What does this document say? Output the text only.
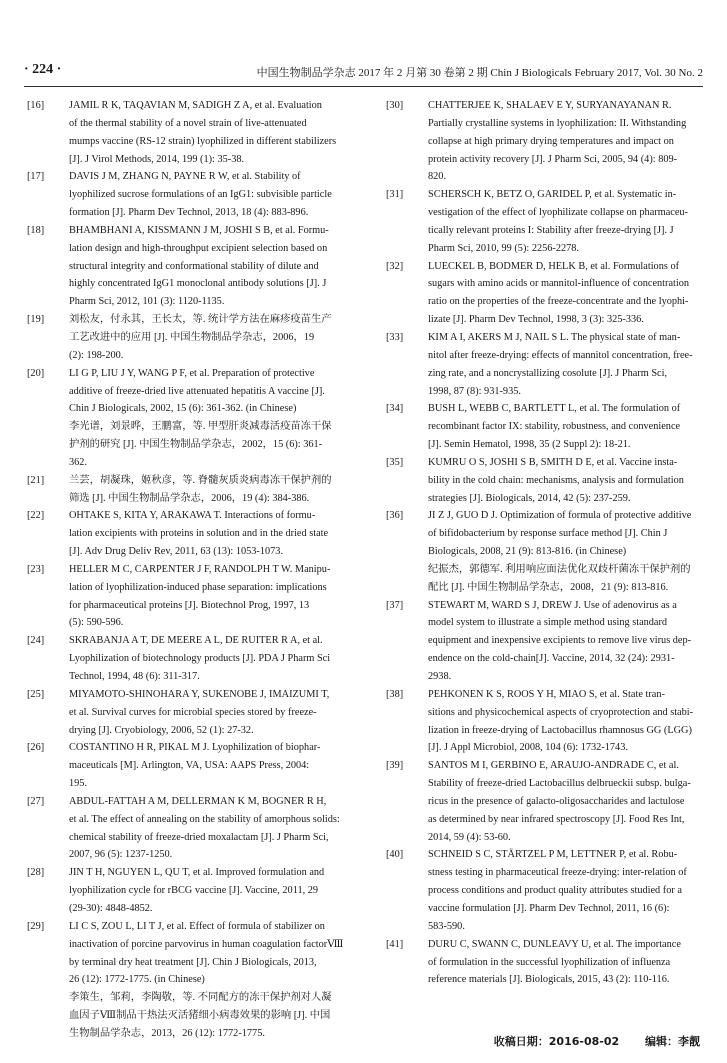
· 224 ·	中国生物制品学杂志 2017 年 2 月第 30 卷第 2 期 Chin J Biologicals February 2017, Vol. 30 No. 2
[16]	JAMIL R K, TAQAVIAN M, SADIGH Z A, et al. Evaluation
of the thermal stability of a novel strain of live-attenuated
mumps vaccine (RS-12 strain) lyophilized in different stabilizers
[J]. J Virol Methods, 2014, 199 (1): 35-38.
[17]	DAVIS J M, ZHANG N, PAYNE R W, et al. Stability of
lyophilized sucrose formulations of an IgG1: subvisible particle
formation [J]. Pharm Dev Technol, 2013, 18 (4): 883-896.
[18]	BHAMBHANI A, KISSMANN J M, JOSHI S B, et al. Formu-
lation design and high-throughput excipient selection based on
structural integrity and conformational stability of dilute and
highly concentrated IgG1 monoclonal antibody solutions [J]. J
Pharm Sci, 2012, 101 (3): 1120-1135.
[19]	刘松友，付永其，王长太，等. 统计学方法在麻疹疫苗生产
工艺改进中的应用 [J]. 中国生物制品学杂志，2006，19
(2): 198-200.
[20]	LI G P, LIU J Y, WANG P F, et al. Preparation of protective
additive of freeze-dried live attenuated hepatitis A vaccine [J].
Chin J Biologicals, 2002, 15 (6): 361-362. (in Chinese)
李光谱，刘景晔，王鹏富，等. 甲型肝炎减毒活疫苗冻干保
护剂的研究 [J]. 中国生物制品学杂志，2002，15 (6): 361-
362.
[21]	兰芸，胡凝珠，姬秋彦，等. 脊髓灰质炎病毒冻干保护剂的
筛选 [J]. 中国生物制品学杂志，2006，19 (4): 384-386.
[22]	OHTAKE S, KITA Y, ARAKAWA T. Interactions of formu-
lation excipients with proteins in solution and in the dried state
[J]. Adv Drug Deliv Rev, 2011, 63 (13): 1053-1073.
[23]	HELLER M C, CARPENTER J F, RANDOLPH T W. Manipu-
lation of lyophilization-induced phase separation: implications
for pharmaceutical proteins [J]. Biotechnol Prog, 1997, 13
(5): 590-596.
[24]	SKRABANJA A T, DE MEERE A L, DE RUITER R A, et al.
Lyophilization of biotechnology products [J]. PDA J Pharm Sci
Technol, 1994, 48 (6): 311-317.
[25]	MIYAMOTO-SHINOHARA Y, SUKENOBE J, IMAIZUMI T,
et al. Survival curves for microbial species stored by freeze-
drying [J]. Cryobiology, 2006, 52 (1): 27-32.
[26]	COSTANTINO H R, PIKAL M J. Lyophilization of biophar-
maceuticals [M]. Arlington, VA, USA: AAPS Press, 2004:
195.
[27]	ABDUL-FATTAH A M, DELLERMAN K M, BOGNER R H,
et al. The effect of annealing on the stability of amorphous solids:
chemical stability of freeze-dried moxalactam [J]. J Pharm Sci,
2007, 96 (5): 1237-1250.
[28]	JIN T H, NGUYEN L, QU T, et al. Improved formulation and
lyophilization cycle for rBCG vaccine [J]. Vaccine, 2011, 29
(29-30): 4848-4852.
[29]	LI C S, ZOU L, LI T J, et al. Effect of formula of stabilizer on
inactivation of porcine parvovirus in human coagulation factorⅧ
by terminal dry heat treatment [J]. Chin J Biologicals, 2013,
26 (12): 1772-1775. (in Chinese)
李策生，邹莉，李陶敬，等. 不同配方的冻干保护剂对人凝
血因子Ⅷ制品干热法灭活猪细小病毒效果的影响 [J]. 中国
生物制品学杂志，2013，26 (12): 1772-1775.
[30]	CHATTERJEE K, SHALAEV E Y, SURYANAYANAN R.
Partially crystalline systems in lyophilization: II. Withstanding
collapse at high primary drying temperatures and impact on
protein activity recovery [J]. J Pharm Sci, 2005, 94 (4): 809-
820.
[31]	SCHERSCH K, BETZ O, GARIDEL P, et al. Systematic in-
vestigation of the effect of lyophilizate collapse on pharmaceu-
tically relevant proteins I: Stability after freeze-drying [J]. J
Pharm Sci, 2010, 99 (5): 2256-2278.
[32]	LUECKEL B, BODMER D, HELK B, et al. Formulations of
sugars with amino acids or mannitol-influence of concentration
ratio on the properties of the freeze-concentrate and the lyophi-
lizate [J]. Pharm Dev Technol, 1998, 3 (3): 325-336.
[33]	KIM A I, AKERS M J, NAIL S L. The physical state of man-
nitol after freeze-drying: effects of mannitol concentration, free-
zing rate, and a noncrystallizing cosolute [J]. J Pharm Sci,
1998, 87 (8): 931-935.
[34]	BUSH L, WEBB C, BARTLETT L, et al. The formulation of
recombinant factor IX: stability, robustness, and convenience
[J]. Semin Hematol, 1998, 35 (2 Suppl 2): 18-21.
[35]	KUMRU O S, JOSHI S B, SMITH D E, et al. Vaccine insta-
bility in the cold chain: mechanisms, analysis and formulation
strategies [J]. Biologicals, 2014, 42 (5): 237-259.
[36]	JI Z J, GUO D J. Optimization of formula of protective additive
of bifidobacterium by response surface method [J]. Chin J
Biologicals, 2008, 21 (9): 813-816. (in Chinese)
纪振杰，郭德军. 利用响应面法优化双歧杆菌冻干保护剂的
配比 [J]. 中国生物制品学杂志，2008，21 (9): 813-816.
[37]	STEWART M, WARD S J, DREW J. Use of adenovirus as a
model system to illustrate a simple method using standard
equipment and inexpensive excipients to remove live virus dep-
endence on the cold-chain[J]. Vaccine, 2014, 32 (24): 2931-
2938.
[38]	PEHKONEN K S, ROOS Y H, MIAO S, et al. State tran-
sitions and physicochemical aspects of cryoprotection and stabi-
lization in freeze-drying of Lactobacillus rhamnosus GG (LGG)
[J]. J Appl Microbiol, 2008, 104 (6): 1732-1743.
[39]	SANTOS M I, GERBINO E, ARAUJO-ANDRADE C, et al.
Stability of freeze-dried Lactobacillus delbrueckii subsp. bulga-
ricus in the presence of galacto-oligosaccharides and lactulose
as determined by near infrared spectroscopy [J]. Food Res Int,
2014, 59 (4): 53-60.
[40]	SCHNEID S C, STÄRTZEL P M, LETTNER P, et al. Robu-
stness testing in pharmaceutical freeze-drying: inter-relation of
process conditions and product quality attributes studied for a
vaccine formulation [J]. Pharm Dev Technol, 2011, 16 (6):
583-590.
[41]	DURU C, SWANN C, DUNLEAVY U, et al. The importance
of formulation in the successful lyophilization of influenza
reference materials [J]. Biologicals, 2015, 43 (2): 110-116.
收稿日期：2016-08-02 编辑：李靓
